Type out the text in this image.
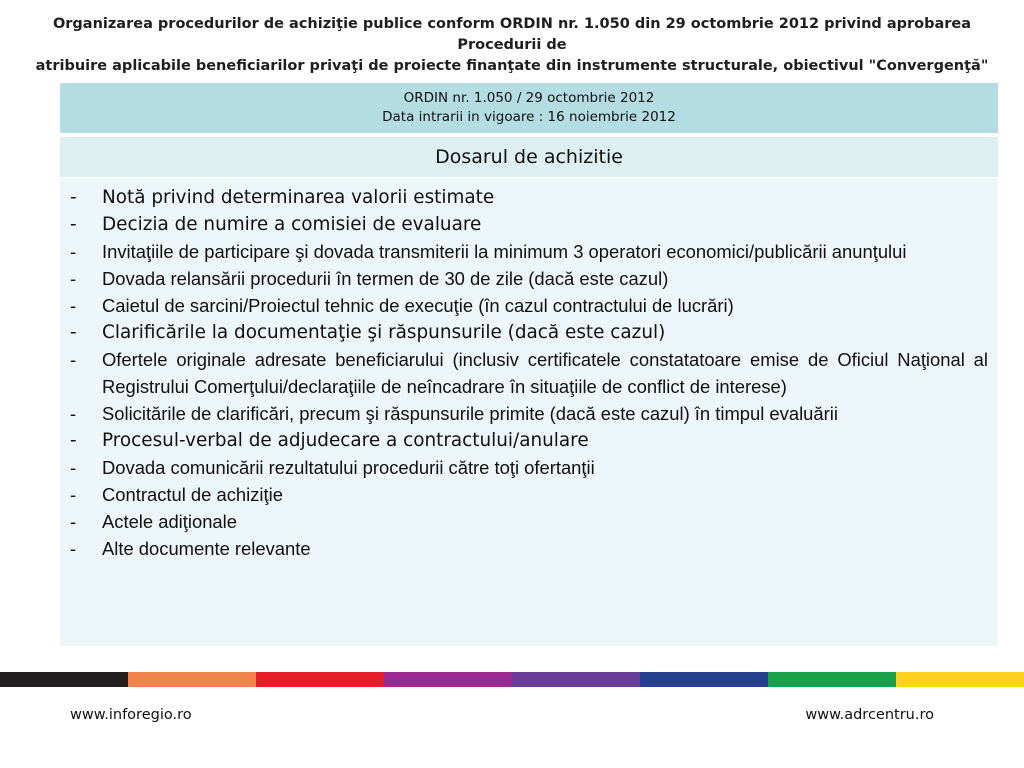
Organizarea procedurilor de achiziţie publice conform ORDIN nr. 1.050 din 29 octombrie 2012 privind aprobarea Procedurii de
atribuire aplicabile beneficiarilor privaţi de proiecte finanţate din instrumente structurale, obiectivul "Convergenţă"
ORDIN nr. 1.050 / 29 octombrie 2012
Data intrarii in vigoare : 16 noiembrie 2012
Dosarul de achizitie
-	Notă privind determinarea valorii estimate
-	Decizia de numire a comisiei de evaluare
-	Invitaţiile de participare şi dovada transmiterii la minimum 3 operatori economici/publicării anunţului
-	Dovada relansării procedurii în termen de 30 de zile (dacă este cazul)
-	Caietul de sarcini/Proiectul tehnic de execuţie (în cazul contractului de lucrări)
-	Clarificările la documentaţie şi răspunsurile (dacă este cazul)
-	Ofertele originale adresate beneficiarului (inclusiv certificatele constatatoare emise de Oficiul Naţional al Registrului Comerţului/declaraţiile de neîncadrare în situaţiile de conflict de interese)
-	Solicitările de clarificări, precum şi răspunsurile primite (dacă este cazul) în timpul evaluării
-	Procesul-verbal de adjudecare a contractului/anulare
-	Dovada comunicării rezultatului procedurii către toţi ofertanţii
-	Contractul de achiziţie
-	Actele adiţionale
-	Alte documente relevante
www.inforegio.ro	www.adrcentru.ro
